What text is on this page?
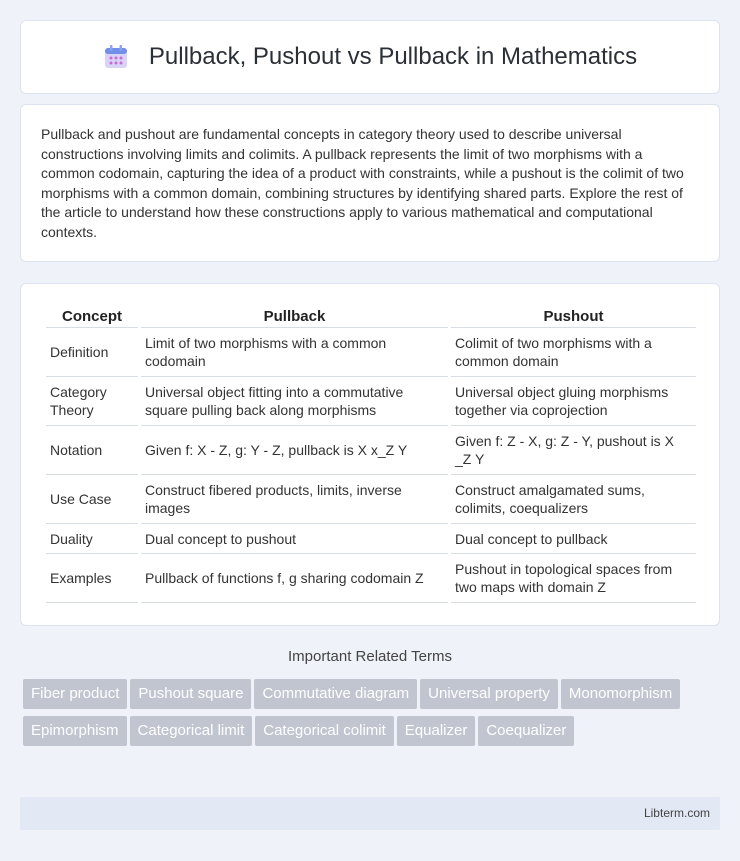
Pullback, Pushout vs Pullback in Mathematics

Pullback and pushout are fundamental concepts in category theory used to describe universal constructions involving limits and colimits. A pullback represents the limit of two morphisms with a common codomain, capturing the idea of a product with constraints, while a pushout is the colimit of two morphisms with a common domain, combining structures by identifying shared parts. Explore the rest of the article to understand how these constructions apply to various mathematical and computational contexts.

Concept	Pullback	Pushout
Definition	Limit of two morphisms with a common codomain	Colimit of two morphisms with a common domain
Category Theory	Universal object fitting into a commutative square pulling back along morphisms	Universal object gluing morphisms together via coprojection
Notation	Given f: X - Z, g: Y - Z, pullback is X x_Z Y	Given f: Z - X, g: Z - Y, pushout is X _Z Y
Use Case	Construct fibered products, limits, inverse images	Construct amalgamated sums, colimits, coequalizers
Duality	Dual concept to pushout	Dual concept to pullback
Examples	Pullback of functions f, g sharing codomain Z	Pushout in topological spaces from two maps with domain Z
Important Related Terms
Fiber product	Pushout square	Commutative diagram	Universal property	Monomorphism
Epimorphism	Categorical limit	Categorical colimit	Equalizer	Coequalizer
Libterm.com
